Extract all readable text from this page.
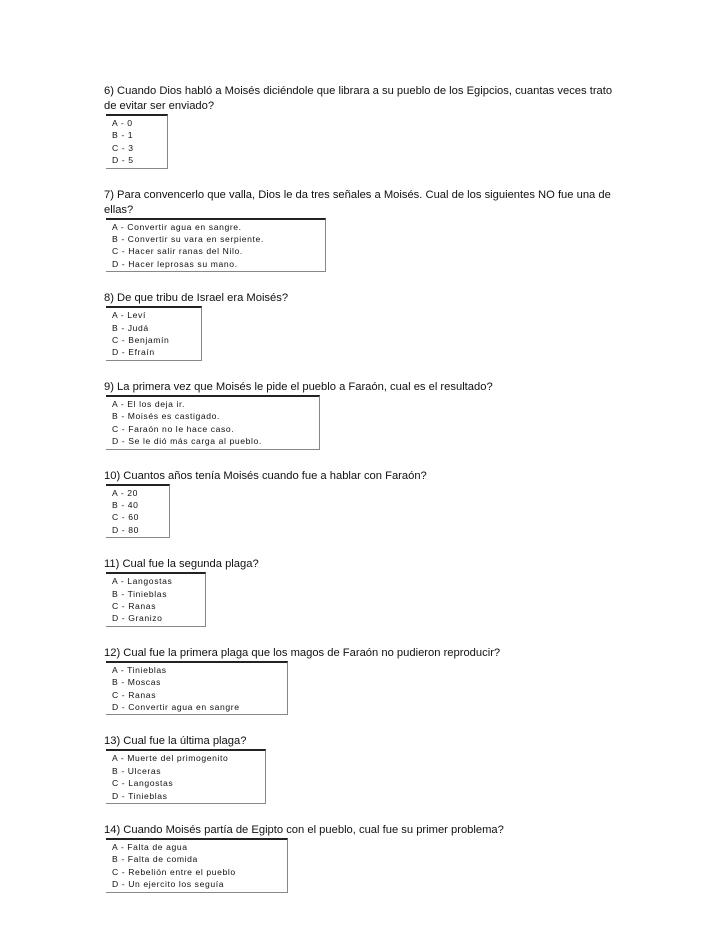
6) Cuando Dios habló a Moisés diciéndole que librara a su pueblo de los Egipcios, cuantas veces trato de evitar ser enviado?

A - 0
B - 1
C - 3
D - 5

7) Para convencerlo que valla, Dios le da tres señales a Moisés. Cual de los siguientes NO fue una de ellas?

A - Convertir agua en sangre.
B - Convertir su vara en serpiente.
C - Hacer salir ranas del Nilo.
D - Hacer leprosas su mano.

8) De que tribu de Israel era Moisés?

A - Leví
B - Judá
C - Benjamín
D - Efraín

9) La primera vez que Moisés le pide el pueblo a Faraón, cual es el resultado?

A - El los deja ir.
B - Moisés es castigado.
C - Faraón no le hace caso.
D - Se le dió más carga al pueblo.

10) Cuantos años tenía Moisés cuando fue a hablar con Faraón?

A - 20
B - 40
C - 60
D - 80

11) Cual fue la segunda plaga?

A - Langostas
B - Tinieblas
C - Ranas
D - Granizo

12) Cual fue la primera plaga que los magos de Faraón no pudieron reproducir?

A - Tinieblas
B - Moscas
C - Ranas
D - Convertir agua en sangre

13) Cual fue la última plaga?

A - Muerte del primogenito
B - Ulceras
C - Langostas
D - Tinieblas

14) Cuando Moisés partía de Egipto con el pueblo, cual fue su primer problema?

A - Falta de agua
B - Falta de comida
C - Rebelión entre el pueblo
D - Un ejercito los seguía
